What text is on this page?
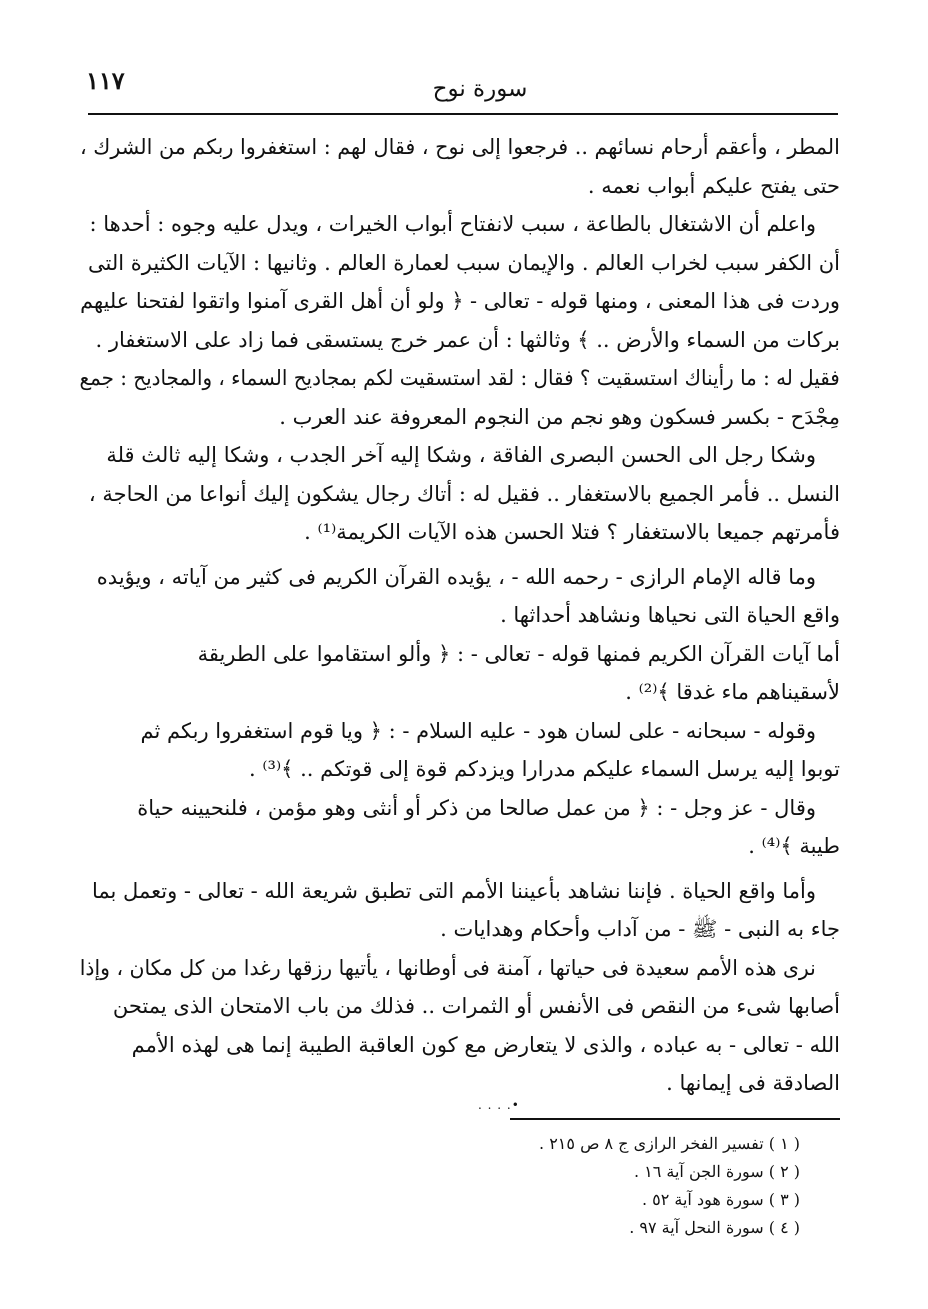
١١٧	سورة نوح
المطر ، وأعقم أرحام نسائهم .. فرجعوا إلى نوح ، فقال لهم : استغفروا ربكم من الشرك ،
حتى يفتح عليكم أبواب نعمه .
واعلم أن الاشتغال بالطاعة ، سبب لانفتاح أبواب الخيرات ، ويدل عليه وجوه : أحدها :
أن الكفر سبب لخراب العالم . والإيمان سبب لعمارة العالم . وثانيها : الآيات الكثيرة التى
وردت فى هذا المعنى ، ومنها قوله - تعالى - ﴿ ولو أن أهل القرى آمنوا واتقوا لفتحنا عليهم
بركات من السماء والأرض .. ﴾ وثالثها : أن عمر خرج يستسقى فما زاد على الاستغفار .
فقيل له : ما رأيناك استسقيت ؟ فقال : لقد استسقيت لكم بمجاديح السماء ، والمجاديح : جمع
مِجْدَح - بكسر فسكون وهو نجم من النجوم المعروفة عند العرب .
وشكا رجل الى الحسن البصرى الفاقة ، وشكا إليه آخر الجدب ، وشكا إليه ثالث قلة
النسل .. فأمر الجميع بالاستغفار .. فقيل له : أتاك رجال يشكون إليك أنواعا من الحاجة ،
فأمرتهم جميعا بالاستغفار ؟ فتلا الحسن هذه الآيات الكريمة⁽¹⁾ .
وما قاله الإمام الرازى - رحمه الله - ، يؤيده القرآن الكريم فى كثير من آياته ، ويؤيده
واقع الحياة التى نحياها ونشاهد أحداثها .
أما آيات القرآن الكريم فمنها قوله - تعالى - : ﴿ وألو استقاموا على الطريقة
لأسقيناهم ماء غدقا ﴾⁽²⁾ .
وقوله - سبحانه - على لسان هود - عليه السلام - : ﴿ ويا قوم استغفروا ربكم ثم
توبوا إليه يرسل السماء عليكم مدرارا ويزدكم قوة إلى قوتكم .. ﴾⁽³⁾ .
وقال - عز وجل - : ﴿ من عمل صالحا من ذكر أو أنثى وهو مؤمن ، فلنحيينه حياة
طيبة ﴾⁽⁴⁾ .
وأما واقع الحياة . فإننا نشاهد بأعيننا الأمم التى تطبق شريعة الله - تعالى - وتعمل بما
جاء به النبى - ﷺ - من آداب وأحكام وهدايات .
نرى هذه الأمم سعيدة فى حياتها ، آمنة فى أوطانها ، يأتيها رزقها رغدا من كل مكان ، وإذا
أصابها شىء من النقص فى الأنفس أو الثمرات .. فذلك من باب الامتحان الذى يمتحن
الله - تعالى - به عباده ، والذى لا يتعارض مع كون العاقبة الطيبة إنما هى لهذه الأمم
الصادقة فى إيمانها .
. . . .•
( ١ ) تفسير الفخر الرازى ج ٨ ص ٢١٥ .
( ٢ ) سورة الجن آية ١٦ .
( ٣ ) سورة هود آية ٥٢ .
( ٤ ) سورة النحل آية ٩٧ .
